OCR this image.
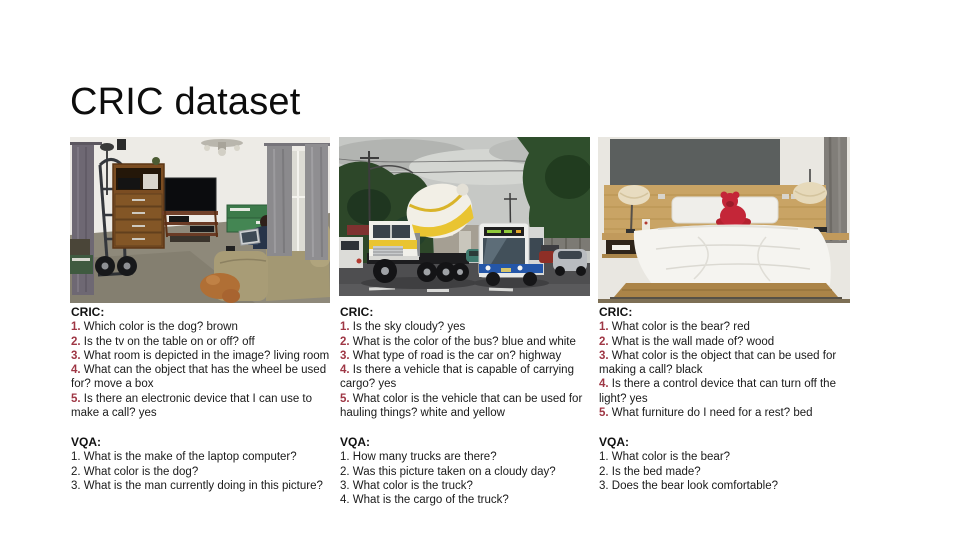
CRIC dataset
CRIC:
1. Which color is the dog? brown
2. Is the tv on the table on or off? off
3. What room is depicted in the image? living room
4. What can the object that has the wheel be used for? move a box
5. Is there an electronic device that I can use to make a call? yes
VQA:
1. What is the make of the laptop computer?
2. What color is the dog?
3. What is the man currently doing in this picture?
CRIC:
1. Is the sky cloudy? yes
2. What is the color of the bus? blue and white
3. What type of road is the car on? highway
4. Is there a vehicle that is capable of carrying cargo? yes
5. What color is the vehicle that can be used for hauling things? white and yellow
VQA:
1. How many trucks are there?
2. Was this picture taken on a cloudy day?
3. What color is the truck?
4. What is the cargo of the truck?
CRIC:
1. What color is the bear? red
2. What is the wall made of? wood
3. What color is the object that can be used for making a call? black
4. Is there a control device that can turn off the light? yes
5. What furniture do I need for a rest? bed
VQA:
1. What color is the bear?
2. Is the bed made?
3. Does the bear look comfortable?
